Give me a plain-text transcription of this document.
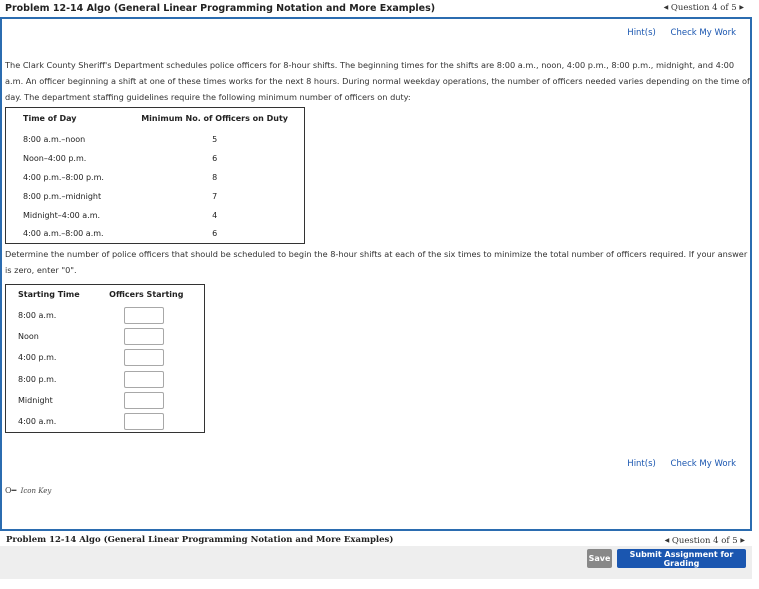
Problem 12-14 Algo (General Linear Programming Notation and More Examples)	◀ Question 4 of 5 ▶
Hint(s) Check My Work
Hint(s) Check My Work
The Clark County Sheriff's Department schedules police officers for 8-hour shifts. The beginning times for the shifts are 8:00 a.m., noon, 4:00 p.m., 8:00 p.m., midnight, and 4:00 a.m. An officer beginning a shift at one of these times works for the next 8 hours. During normal weekday operations, the number of officers needed varies depending on the time of day. The department staffing guidelines require the following minimum number of officers on duty:
Time of Day	Minimum No. of Officers on Duty
8:00 a.m.–noon	5
Noon–4:00 p.m.	6
4:00 p.m.–8:00 p.m.	8
8:00 p.m.–midnight	7
Midnight–4:00 a.m.	4
4:00 a.m.–8:00 a.m.	6
Determine the number of police officers that should be scheduled to begin the 8-hour shifts at each of the six times to minimize the total number of officers required. If your answer is zero, enter "0".
Starting Time	Officers Starting
8:00 a.m.	

Noon	

4:00 p.m.	

8:00 p.m.	

Midnight	

4:00 a.m.	
O━ Icon Key
Problem 12-14 Algo (General Linear Programming Notation and More Examples)	◀ Question 4 of 5 ▶
Save	Submit Assignment for Grading
